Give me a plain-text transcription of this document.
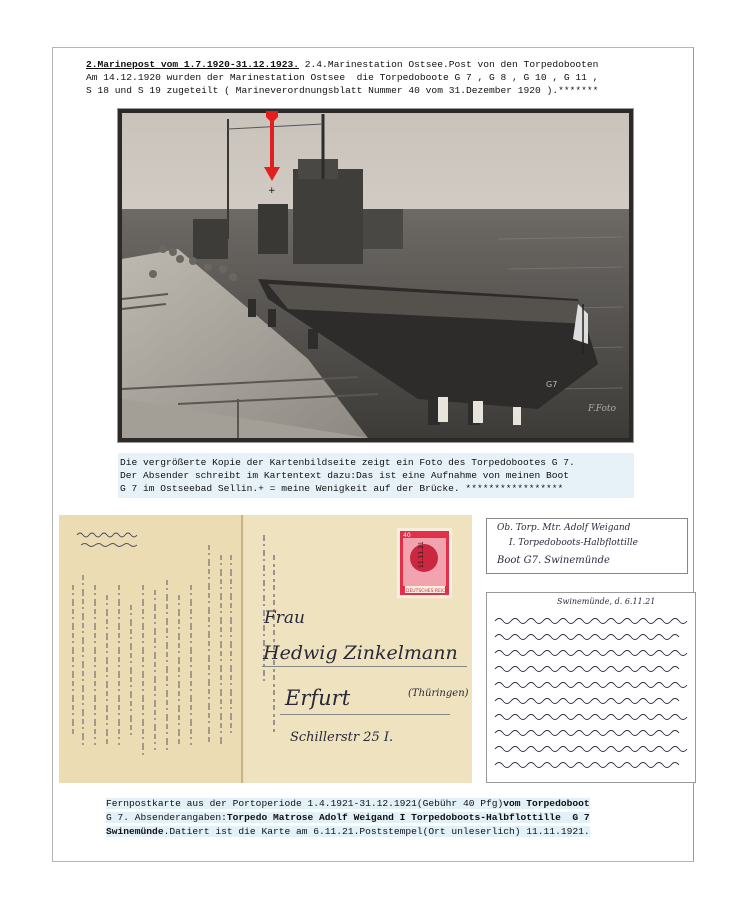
2.Marinepost vom 1.7.1920-31.12.1923. 2.4.Marinestation Ostsee.Post von den Torpedobooten
Am 14.12.1920 wurden der Marinestation Ostsee  die Torpedoboote G 7 , G 8 , G 10 , G 11 ,
S 18 und S 19 zugeteilt ( Marineverordnungsblatt Nummer 40 vom 31.Dezember 1920 ).*******
G7
F.Foto
+
Die vergrößerte Kopie der Kartenbildseite zeigt ein Foto des Torpedobootes G 7.
Der Absender schreibt im Kartentext dazu:Das ist eine Aufnahme von meinen Boot
G 7 im Ostseebad Sellin.+ = meine Wenigkeit auf der Brücke. *****************
40
DEUTSCHES REICH
11.11.21
Frau
Hedwig Zinkelmann
Erfurt	(Thüringen)
Schillerstr 25 I.
Ob. Torp. Mtr. Adolf Weigand
I. Torpedoboots-Halbflottille
Boot G7. Swinemünde
Swinemünde, d. 6.11.21
Fernpostkarte aus der Portoperiode 1.4.1921-31.12.1921(Gebühr 40 Pfg)vom Torpedoboot
G 7. Absenderangaben:Torpedo Matrose Adolf Weigand I Torpedoboots-Halbflottille  G 7
Swinemünde.Datiert ist die Karte am 6.11.21.Poststempel(Ort unleserlich) 11.11.1921.
